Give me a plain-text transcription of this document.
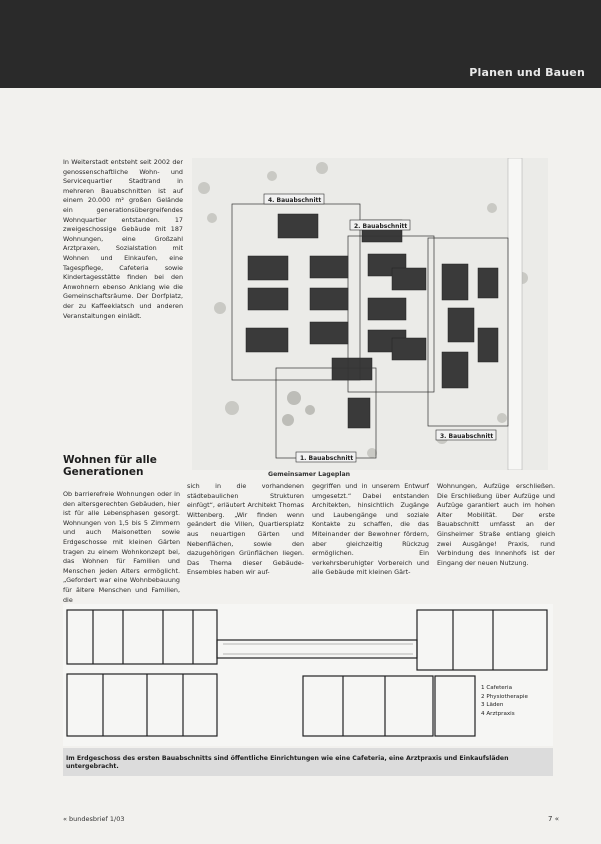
Planen und Bauen
In Weiterstadt entsteht seit 2002 der genossenschaftliche Wohn- und Servicequartier Stadtrand in mehreren Bauabschnitten ist auf einem 20.000 m² großen Gelände ein generationsübergreifendes Wohnquartier entstanden. 17 zweigeschossige Gebäude mit 187 Wohnungen, eine Großzahl Arztpraxen, Sozialstation mit Wohnen und Einkaufen, eine Tagespflege, Cafeteria sowie Kindertagesstätte finden bei den Anwohnern ebenso Anklang wie die Gemeinschaftsräume. Der Dorfplatz, der zu Kaffeeklatsch und anderen Veranstaltungen einlädt.
4. Bauabschnitt
2. Bauabschnitt
3. Bauabschnitt
1. Bauabschnitt
Gemeinsamer Lageplan
Wohnen für alle Generationen
Ob barrierefreie Wohnungen oder in den altersgerechten Gebäuden, hier ist für alle Lebensphasen gesorgt. Wohnungen von 1,5 bis 5 Zimmern und auch Maisonetten sowie Erdgeschosse mit kleinen Gärten tragen zu einem Wohnkonzept bei, das Wohnen für Familien und Menschen jeden Alters ermöglicht. „Gefordert war eine Wohnbebauung für ältere Menschen und Familien, die
sich in die vorhandenen städtebaulichen Strukturen einfügt“, erläutert Architekt Thomas Wittenberg. „Wir finden wenn geändert die Villen, Quartiersplatz aus neuartigen Gärten und Nebenflächen, sowie den dazugehörigen Grünflächen liegen. Das Thema dieser Gebäude-Ensembles haben wir auf-
gegriffen und in unserem Entwurf umgesetzt.“ Dabei entstanden Architekten, hinsichtlich Zugänge und Laubengänge und soziale Kontakte zu schaffen, die das Miteinander der Bewohner fördern, aber gleichzeitig Rückzug ermöglichen. Ein verkehrsberuhigter Vorbereich und alle Gebäude mit kleinen Gärt-
Wohnungen, Aufzüge erschließen. Die Erschließung über Aufzüge und Aufzüge garantiert auch im hohen Alter Mobilität. Der erste Bauabschnitt umfasst an der Ginsheimer Straße entlang gleich zwei Ausgänge! Praxis, rund Verbindung des Innenhofs ist der Eingang der neuen Nutzung.
1 Cafeteria
2 Physiotherapie
3 Läden
4 Arztpraxis
Im Erdgeschoss des ersten Bauabschnitts sind öffentliche Einrichtungen wie eine Cafeteria, eine Arztpraxis und Einkaufsläden untergebracht.
« bundesbrief 1/03	7 «
